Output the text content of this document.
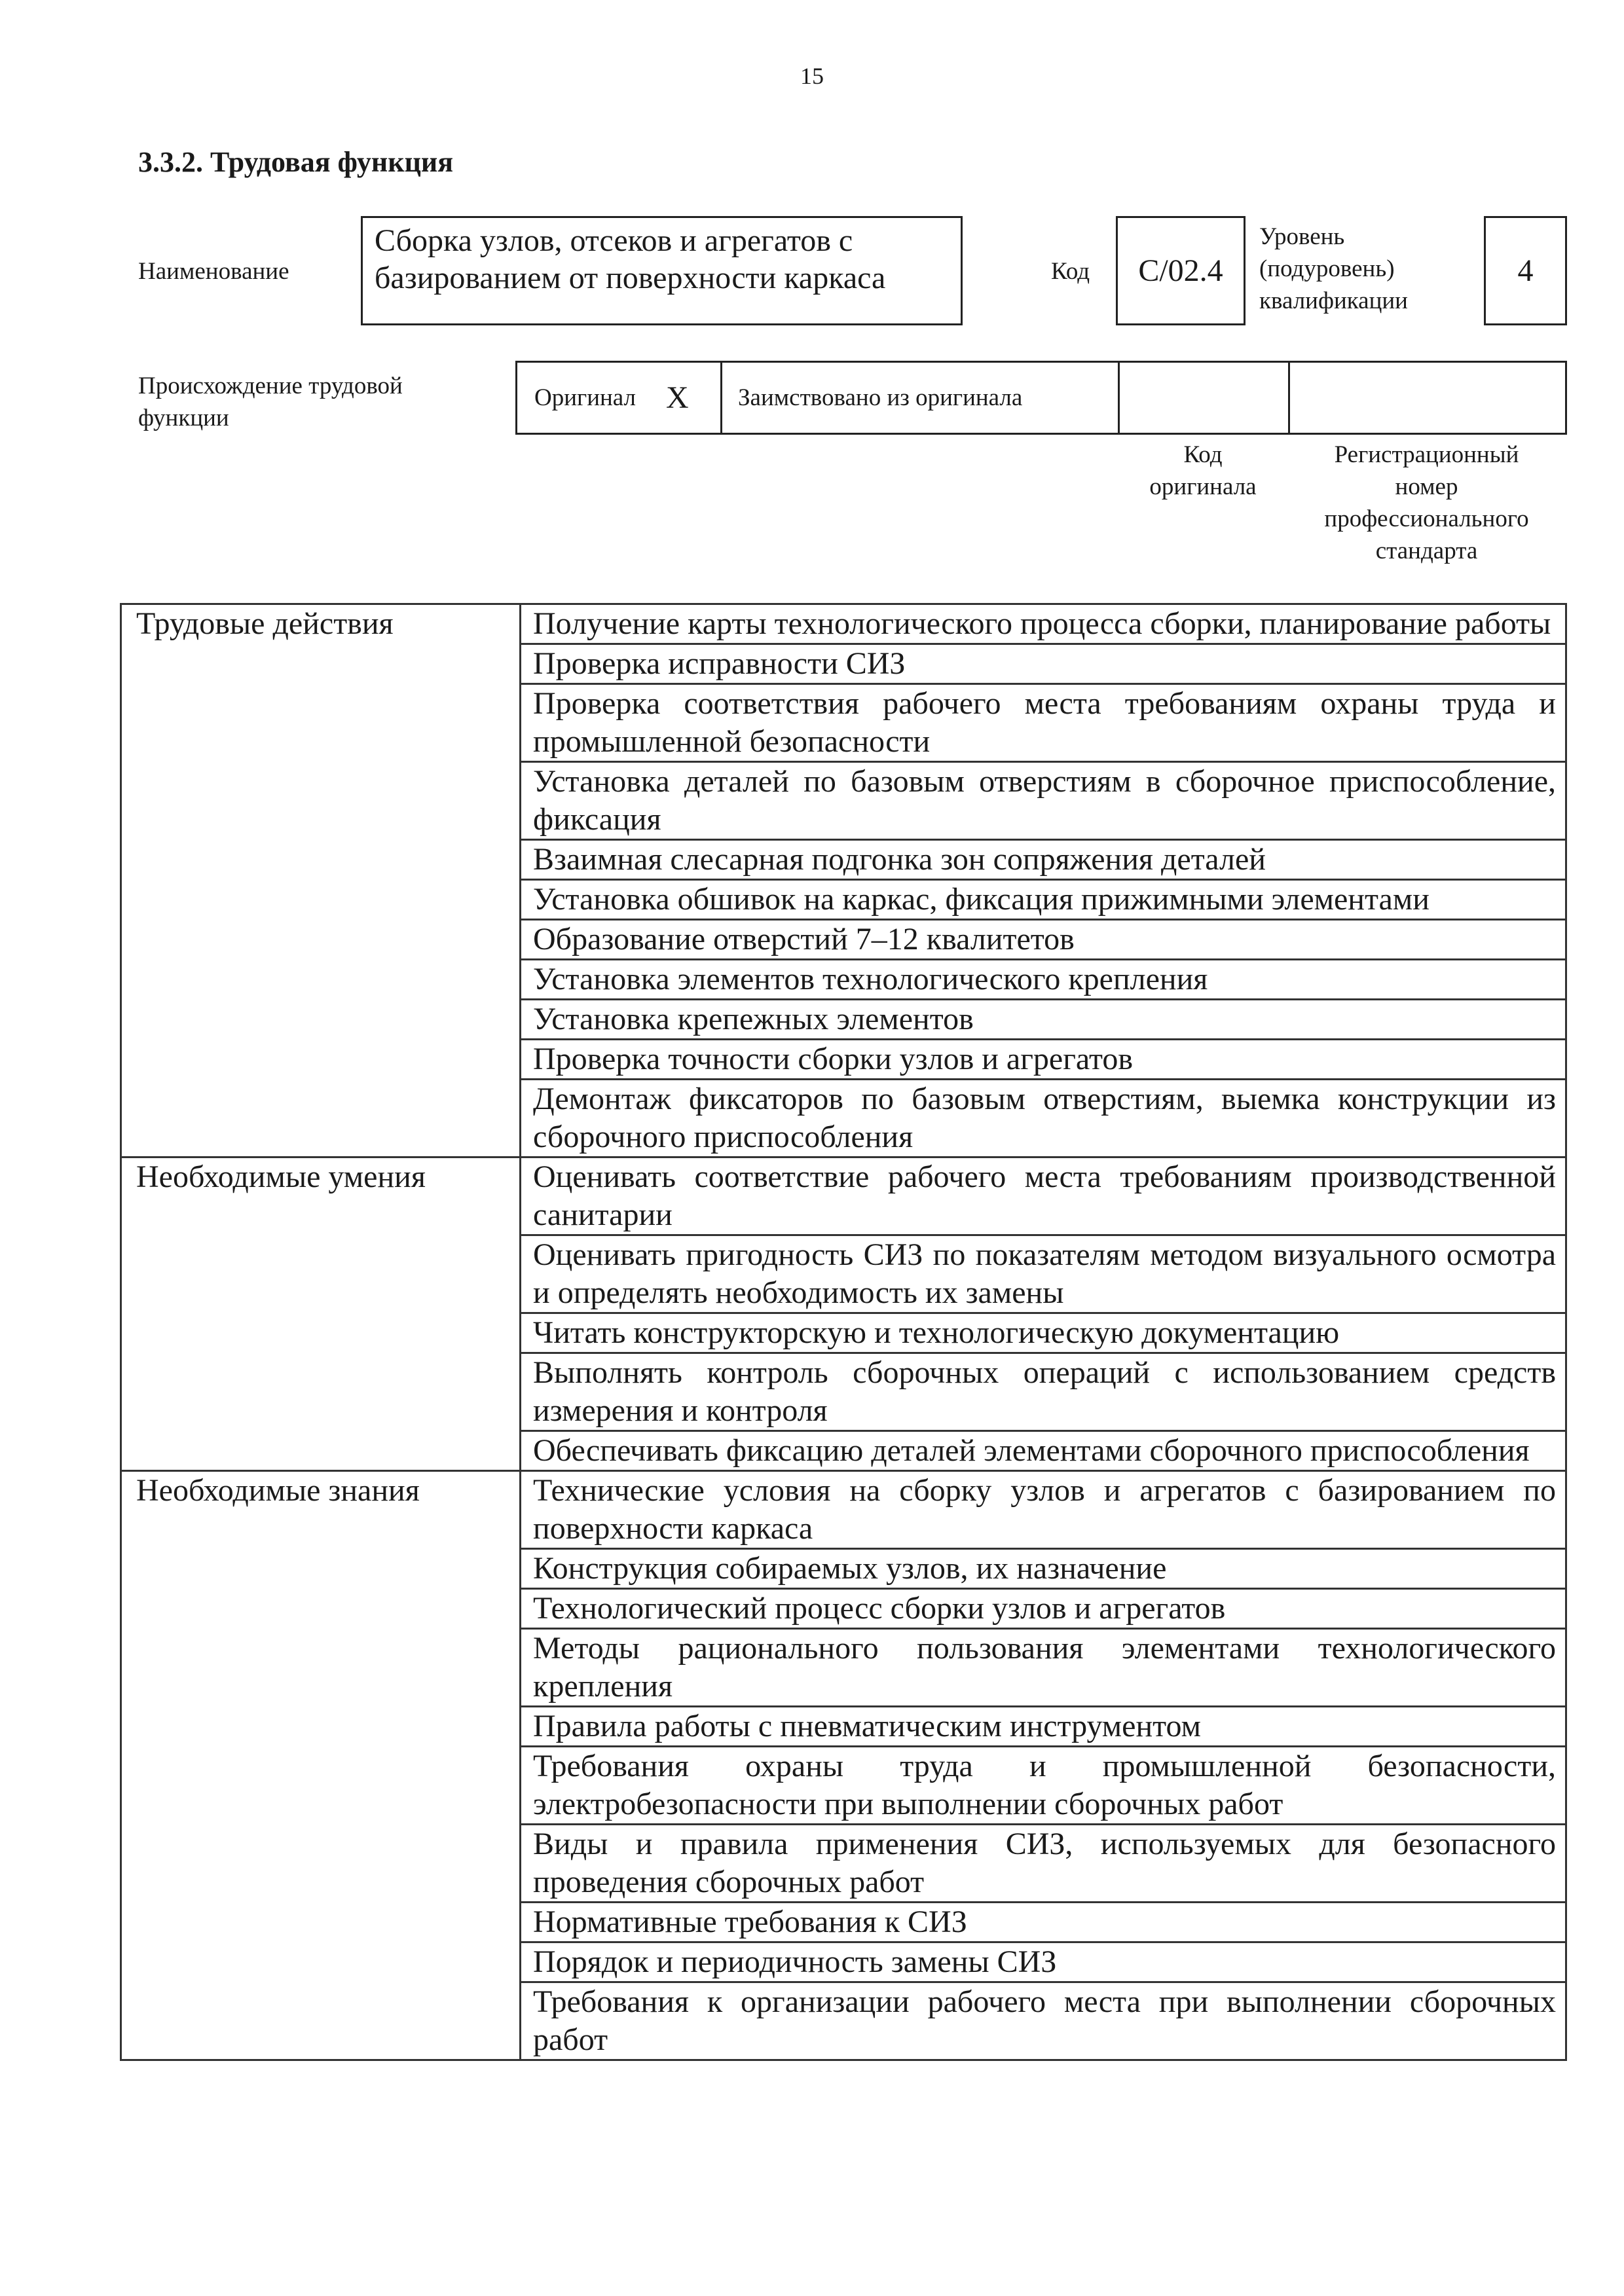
15
3.3.2. Трудовая функция
Наименование
Сборка узлов, отсеков и агрегатов с базированием от поверхности каркаса	Код	C/02.4
Уровень
(подуровень)
квалификации
4
Происхождение трудовой функции
Оригинал X	Заимствовано из оригинала
Код
оригинала
Регистрационный
номер
профессионального
стандарта
Трудовые действия	Получение карты технологического процесса сборки, планирование работы
	Проверка исправности СИЗ
	Проверка соответствия рабочего места требованиям охраны труда и промышленной безопасности
	Установка деталей по базовым отверстиям в сборочное приспособление, фиксация
	Взаимная слесарная подгонка зон сопряжения деталей
	Установка обшивок на каркас, фиксация прижимными элементами
	Образование отверстий 7–12 квалитетов
	Установка элементов технологического крепления
	Установка крепежных элементов
	Проверка точности сборки узлов и агрегатов
	Демонтаж фиксаторов по базовым отверстиям, выемка конструкции из сборочного приспособления
Необходимые умения	Оценивать соответствие рабочего места требованиям производственной санитарии
	Оценивать пригодность СИЗ по показателям методом визуального осмотра и определять необходимость их замены
	Читать конструкторскую и технологическую документацию
	Выполнять контроль сборочных операций с использованием средств измерения и контроля
	Обеспечивать фиксацию деталей элементами сборочного приспособления
Необходимые знания	Технические условия на сборку узлов и агрегатов с базированием по поверхности каркаса
	Конструкция собираемых узлов, их назначение
	Технологический процесс сборки узлов и агрегатов
	Методы рационального пользования элементами технологического крепления
	Правила работы с пневматическим инструментом
	Требования охраны труда и промышленной безопасности, электробезопасности при выполнении сборочных работ
	Виды и правила применения СИЗ, используемых для безопасного проведения сборочных работ
	Нормативные требования к СИЗ
	Порядок и периодичность замены СИЗ
	Требования к организации рабочего места при выполнении сборочных работ
